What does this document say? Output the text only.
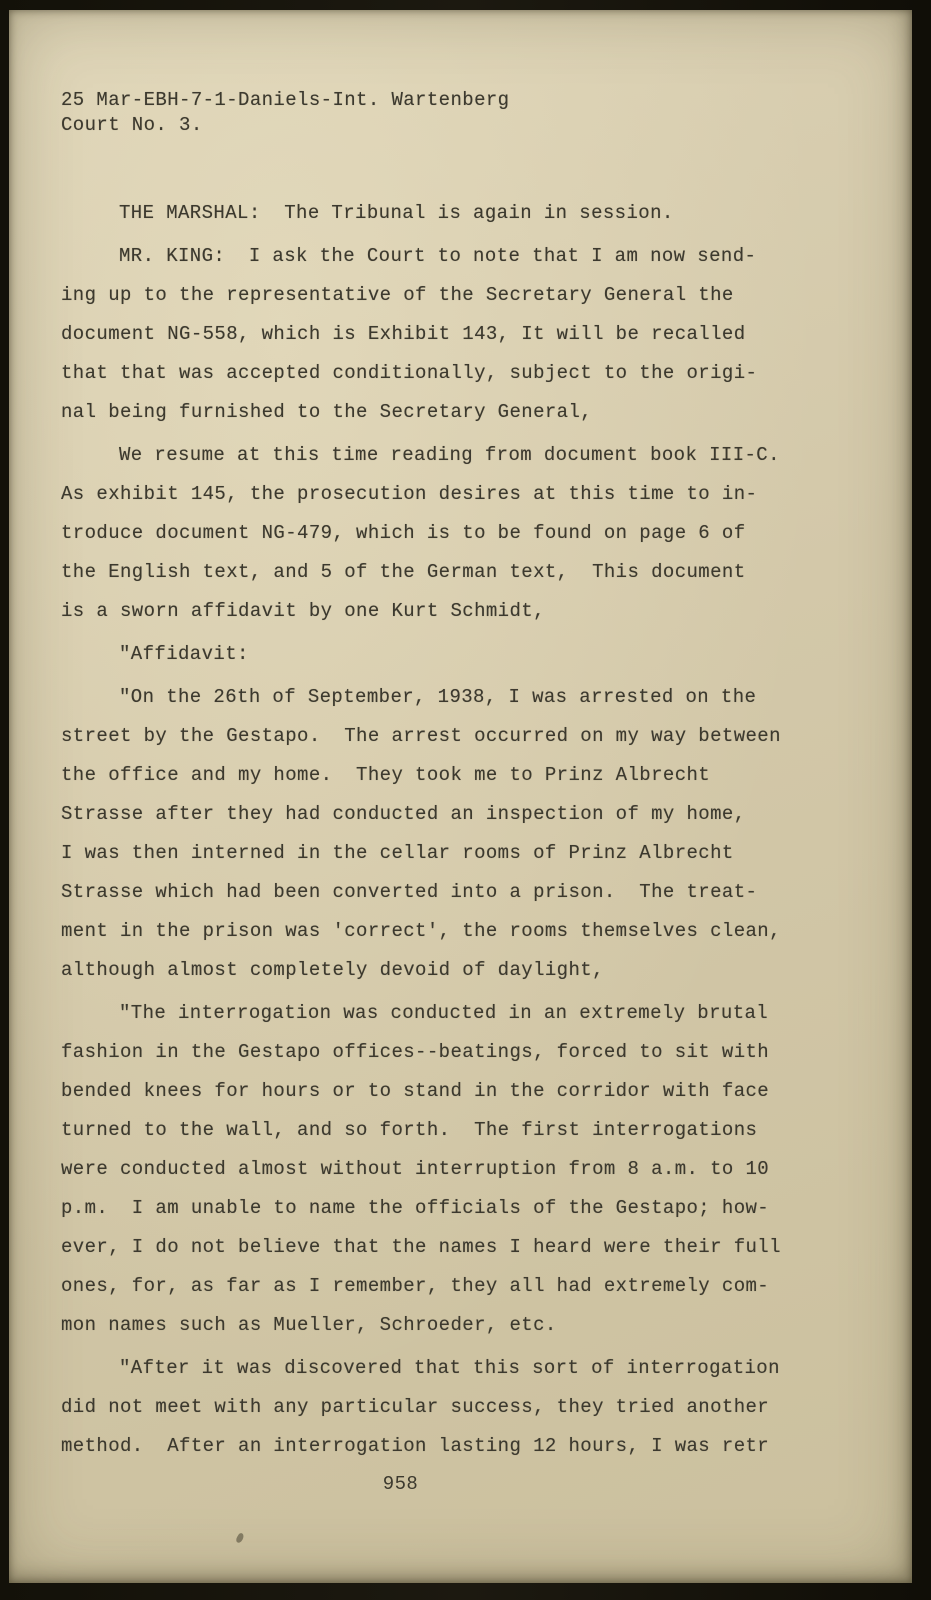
25 Mar-EBH-7-1-Daniels-Int. Wartenberg
Court No. 3.
THE MARSHAL:  The Tribunal is again in session.
MR. KING:  I ask the Court to note that I am now send-
ing up to the representative of the Secretary General the
document NG-558, which is Exhibit 143, It will be recalled
that that was accepted conditionally, subject to the origi-
nal being furnished to the Secretary General,
We resume at this time reading from document book III-C.
As exhibit 145, the prosecution desires at this time to in-
troduce document NG-479, which is to be found on page 6 of
the English text, and 5 of the German text,  This document
is a sworn affidavit by one Kurt Schmidt,
"Affidavit:
"On the 26th of September, 1938, I was arrested on the
street by the Gestapo.  The arrest occurred on my way between
the office and my home.  They took me to Prinz Albrecht
Strasse after they had conducted an inspection of my home,
I was then interned in the cellar rooms of Prinz Albrecht
Strasse which had been converted into a prison.  The treat-
ment in the prison was 'correct', the rooms themselves clean,
although almost completely devoid of daylight,
"The interrogation was conducted in an extremely brutal
fashion in the Gestapo offices--beatings, forced to sit with
bended knees for hours or to stand in the corridor with face
turned to the wall, and so forth.  The first interrogations
were conducted almost without interruption from 8 a.m. to 10
p.m.  I am unable to name the officials of the Gestapo; how-
ever, I do not believe that the names I heard were their full
ones, for, as far as I remember, they all had extremely com-
mon names such as Mueller, Schroeder, etc.
"After it was discovered that this sort of interrogation
did not meet with any particular success, they tried another
method.  After an interrogation lasting 12 hours, I was retr
958
